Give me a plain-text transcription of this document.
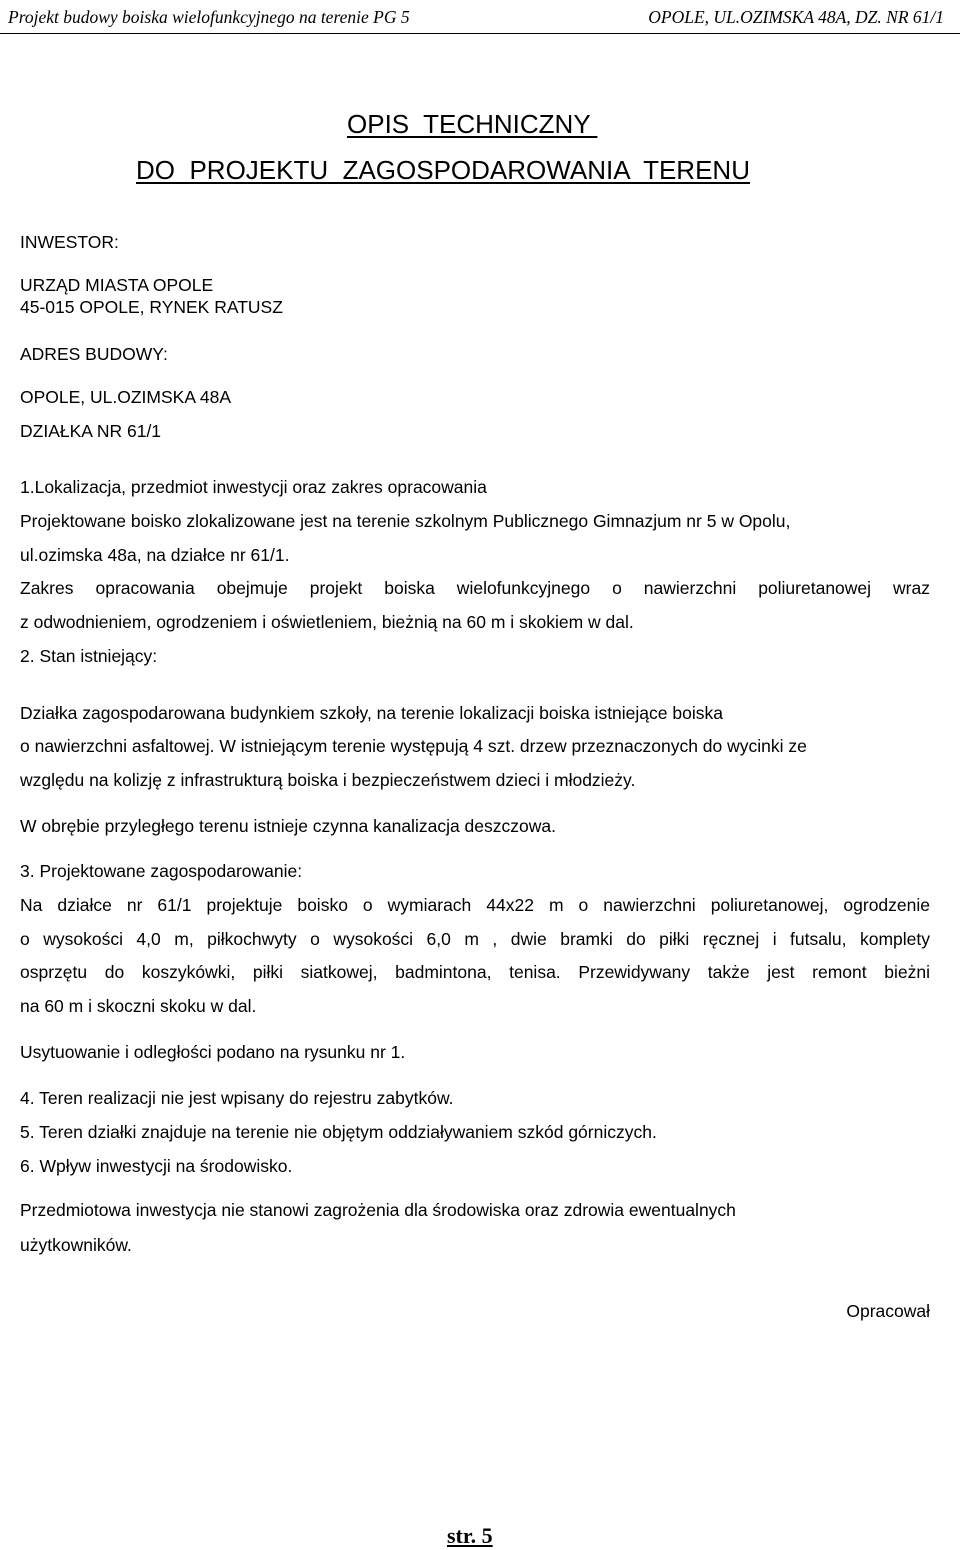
Projekt budowy boiska wielofunkcyjnego na terenie PG 5	OPOLE, UL.OZIMSKA 48A, DZ. NR 61/1
OPIS  TECHNICZNY
DO  PROJEKTU  ZAGOSPODAROWANIA  TERENU
INWESTOR:
URZĄD MIASTA OPOLE
45-015 OPOLE, RYNEK RATUSZ
ADRES BUDOWY:
OPOLE, UL.OZIMSKA 48A
DZIAŁKA NR 61/1
1.Lokalizacja, przedmiot inwestycji oraz zakres opracowania
Projektowane boisko zlokalizowane jest na terenie szkolnym Publicznego Gimnazjum nr 5 w Opolu,
ul.ozimska 48a, na działce nr 61/1.
Zakres opracowania obejmuje projekt boiska wielofunkcyjnego o nawierzchni poliuretanowej wraz
z odwodnieniem, ogrodzeniem i oświetleniem, bieżnią na 60 m i skokiem w dal.
2. Stan istniejący:
Działka zagospodarowana budynkiem szkoły, na terenie lokalizacji boiska istniejące boiska
o nawierzchni asfaltowej. W istniejącym terenie występują 4 szt. drzew przeznaczonych do wycinki ze
względu na kolizję z infrastrukturą boiska i bezpieczeństwem dzieci i młodzieży.
W obrębie przyległego terenu istnieje czynna kanalizacja deszczowa.
3. Projektowane zagospodarowanie:
Na działce nr 61/1 projektuje boisko o wymiarach 44x22 m o nawierzchni poliuretanowej, ogrodzenie
o wysokości 4,0 m, piłkochwyty o wysokości 6,0 m , dwie bramki do piłki ręcznej i futsalu, komplety
osprzętu do koszykówki, piłki siatkowej, badmintona, tenisa. Przewidywany także jest remont bieżni
na 60 m i skoczni skoku w dal.
Usytuowanie i odległości podano na rysunku nr 1.
4. Teren realizacji nie jest wpisany do rejestru zabytków.
5. Teren działki znajduje na terenie nie objętym oddziaływaniem szkód górniczych.
6. Wpływ inwestycji na środowisko.
Przedmiotowa inwestycja nie stanowi zagrożenia dla środowiska oraz zdrowia ewentualnych
użytkowników.
Opracował
str. 5
